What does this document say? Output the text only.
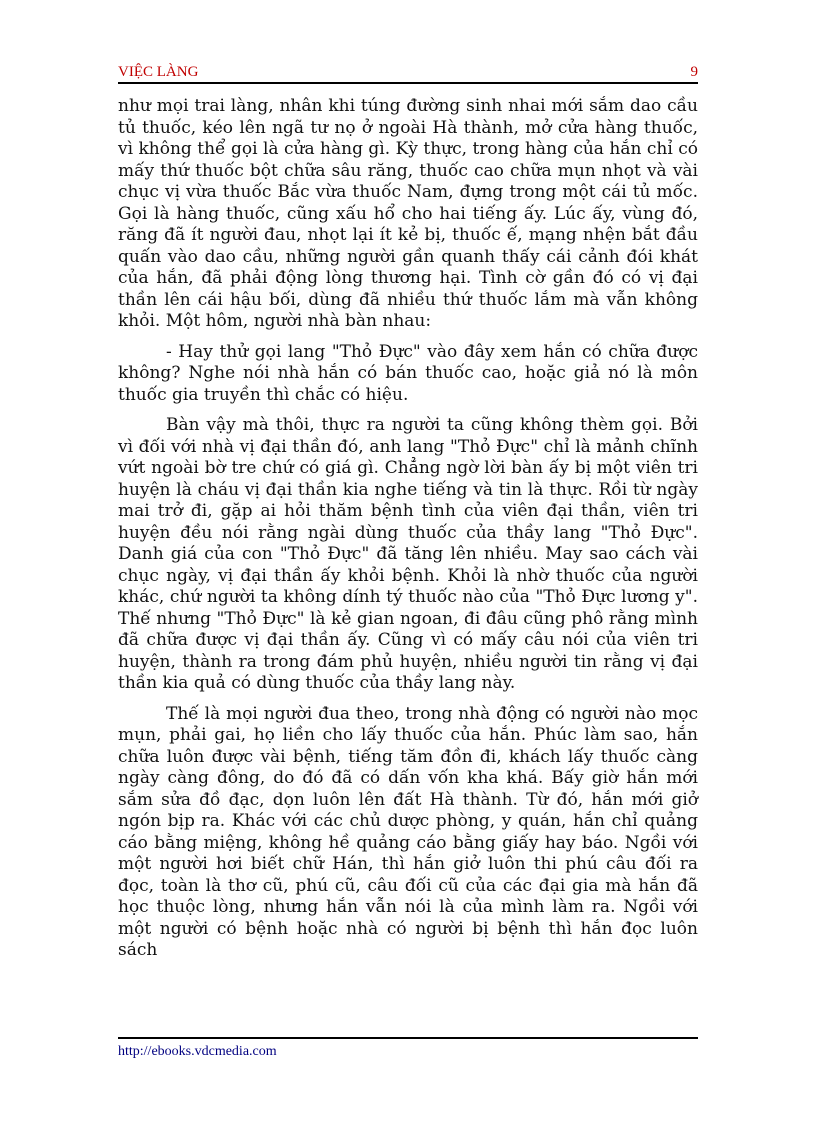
VIỆC LÀNG	9

như mọi trai làng, nhân khi túng đường sinh nhai mới sắm dao cầu tủ thuốc, kéo lên ngã tư nọ ở ngoài Hà thành, mở cửa hàng thuốc, vì không thể gọi là cửa hàng gì. Kỳ thực, trong hàng của hắn chỉ có mấy thứ thuốc bột chữa sâu răng, thuốc cao chữa mụn nhọt và vài chục vị vừa thuốc Bắc vừa thuốc Nam, đựng trong một cái tủ mốc. Gọi là hàng thuốc, cũng xấu hổ cho hai tiếng ấy. Lúc ấy, vùng đó, răng đã ít người đau, nhọt lại ít kẻ bị, thuốc ế, mạng nhện bắt đầu quấn vào dao cầu, những người gần quanh thấy cái cảnh đói khát của hắn, đã phải động lòng thương hại. Tình cờ gần đó có vị đại thần lên cái hậu bối, dùng đã nhiều thứ thuốc lắm mà vẫn không khỏi. Một hôm, người nhà bàn nhau:

- Hay thử gọi lang "Thỏ Đực" vào đây xem hắn có chữa được không? Nghe nói nhà hắn có bán thuốc cao, hoặc giả nó là môn thuốc gia truyền thì chắc có hiệu.

Bàn vậy mà thôi, thực ra người ta cũng không thèm gọi. Bởi vì đối với nhà vị đại thần đó, anh lang "Thỏ Đực" chỉ là mảnh chĩnh vứt ngoài bờ tre chứ có giá gì. Chẳng ngờ lời bàn ấy bị một viên tri huyện là cháu vị đại thần kia nghe tiếng và tin là thực. Rồi từ ngày mai trở đi, gặp ai hỏi thăm bệnh tình của viên đại thần, viên tri huyện đều nói rằng ngài dùng thuốc của thầy lang "Thỏ Đực". Danh giá của con "Thỏ Đực" đã tăng lên nhiều. May sao cách vài chục ngày, vị đại thần ấy khỏi bệnh. Khỏi là nhờ thuốc của người khác, chứ người ta không dính tý thuốc nào của "Thỏ Đực lương y". Thế nhưng "Thỏ Đực" là kẻ gian ngoan, đi đâu cũng phô rằng mình đã chữa được vị đại thần ấy. Cũng vì có mấy câu nói của viên tri huyện, thành ra trong đám phủ huyện, nhiều người tin rằng vị đại thần kia quả có dùng thuốc của thầy lang này.

Thế là mọi người đua theo, trong nhà động có người nào mọc mụn, phải gai, họ liền cho lấy thuốc của hắn. Phúc làm sao, hắn chữa luôn được vài bệnh, tiếng tăm đồn đi, khách lấy thuốc càng ngày càng đông, do đó đã có dấn vốn kha khá. Bấy giờ hắn mới sắm sửa đồ đạc, dọn luôn lên đất Hà thành. Từ đó, hắn mới giở ngón bịp ra. Khác với các chủ dược phòng, y quán, hắn chỉ quảng cáo bằng miệng, không hề quảng cáo bằng giấy hay báo. Ngồi với một người hơi biết chữ Hán, thì hắn giở luôn thi phú câu đối ra đọc, toàn là thơ cũ, phú cũ, câu đối cũ của các đại gia mà hắn đã học thuộc lòng, nhưng hắn vẫn nói là của mình làm ra. Ngồi với một người có bệnh hoặc nhà có người bị bệnh thì hắn đọc luôn sách

http://ebooks.vdcmedia.com
